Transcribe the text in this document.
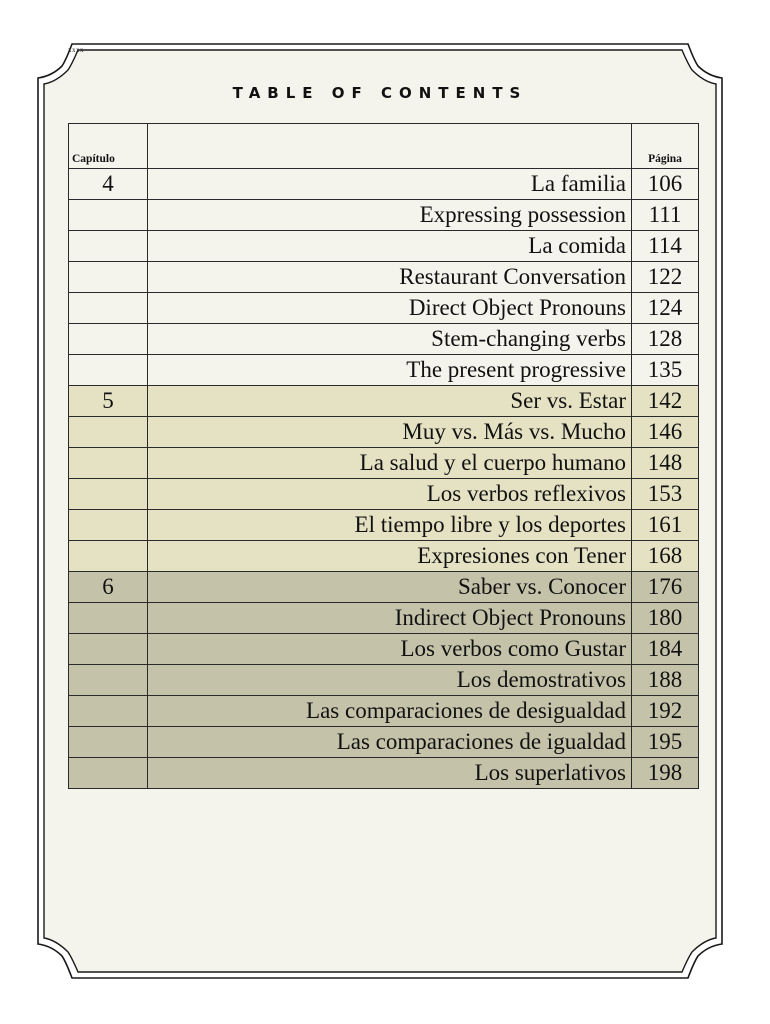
xxxx
TABLE OF CONTENTS
Capítulo		Página
4	La familia	106
	Expressing possession	111
	La comida	114
	Restaurant Conversation	122
	Direct Object Pronouns	124
	Stem-changing verbs	128
	The present progressive	135
5	Ser vs. Estar	142
	Muy vs. Más vs. Mucho	146
	La salud y el cuerpo humano	148
	Los verbos reflexivos	153
	El tiempo libre y los deportes	161
	Expresiones con Tener	168
6	Saber vs. Conocer	176
	Indirect Object Pronouns	180
	Los verbos como Gustar	184
	Los demostrativos	188
	Las comparaciones de desigualdad	192
	Las comparaciones de igualdad	195
	Los superlativos	198
